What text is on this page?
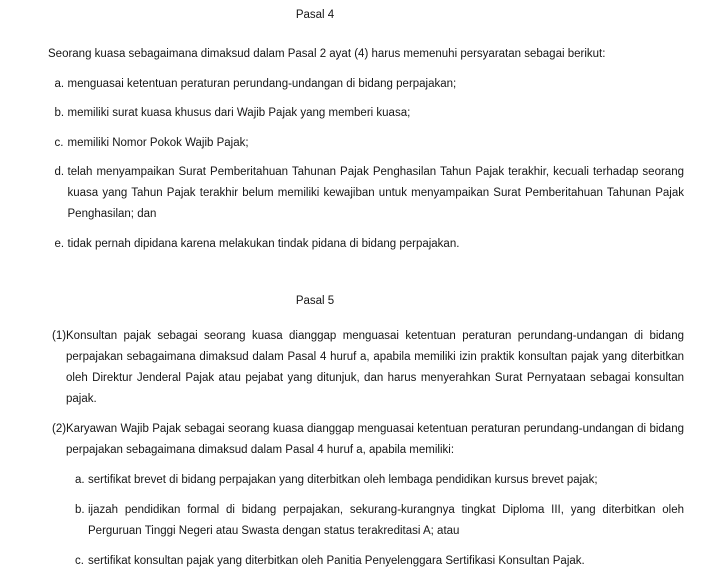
Pasal 4

Seorang kuasa sebagaimana dimaksud dalam Pasal 2 ayat (4) harus memenuhi persyaratan sebagai berikut:

a. menguasai ketentuan peraturan perundang-undangan di bidang perpajakan;
b. memiliki surat kuasa khusus dari Wajib Pajak yang memberi kuasa;
c. memiliki Nomor Pokok Wajib Pajak;
d. telah menyampaikan Surat Pemberitahuan Tahunan Pajak Penghasilan Tahun Pajak terakhir, kecuali terhadap seorang kuasa yang Tahun Pajak terakhir belum memiliki kewajiban untuk menyampaikan Surat Pemberitahuan Tahunan Pajak Penghasilan; dan
e. tidak pernah dipidana karena melakukan tindak pidana di bidang perpajakan.
Pasal 5
(1) Konsultan pajak sebagai seorang kuasa dianggap menguasai ketentuan peraturan perundang-undangan di bidang perpajakan sebagaimana dimaksud dalam Pasal 4 huruf a, apabila memiliki izin praktik konsultan pajak yang diterbitkan oleh Direktur Jenderal Pajak atau pejabat yang ditunjuk, dan harus menyerahkan Surat Pernyataan sebagai konsultan pajak.
(2) Karyawan Wajib Pajak sebagai seorang kuasa dianggap menguasai ketentuan peraturan perundang-undangan di bidang perpajakan sebagaimana dimaksud dalam Pasal 4 huruf a, apabila memiliki:
a. sertifikat brevet di bidang perpajakan yang diterbitkan oleh lembaga pendidikan kursus brevet pajak;
b. ijazah pendidikan formal di bidang perpajakan, sekurang-kurangnya tingkat Diploma III, yang diterbitkan oleh Perguruan Tinggi Negeri atau Swasta dengan status terakreditasi A; atau
c. sertifikat konsultan pajak yang diterbitkan oleh Panitia Penyelenggara Sertifikasi Konsultan Pajak.
